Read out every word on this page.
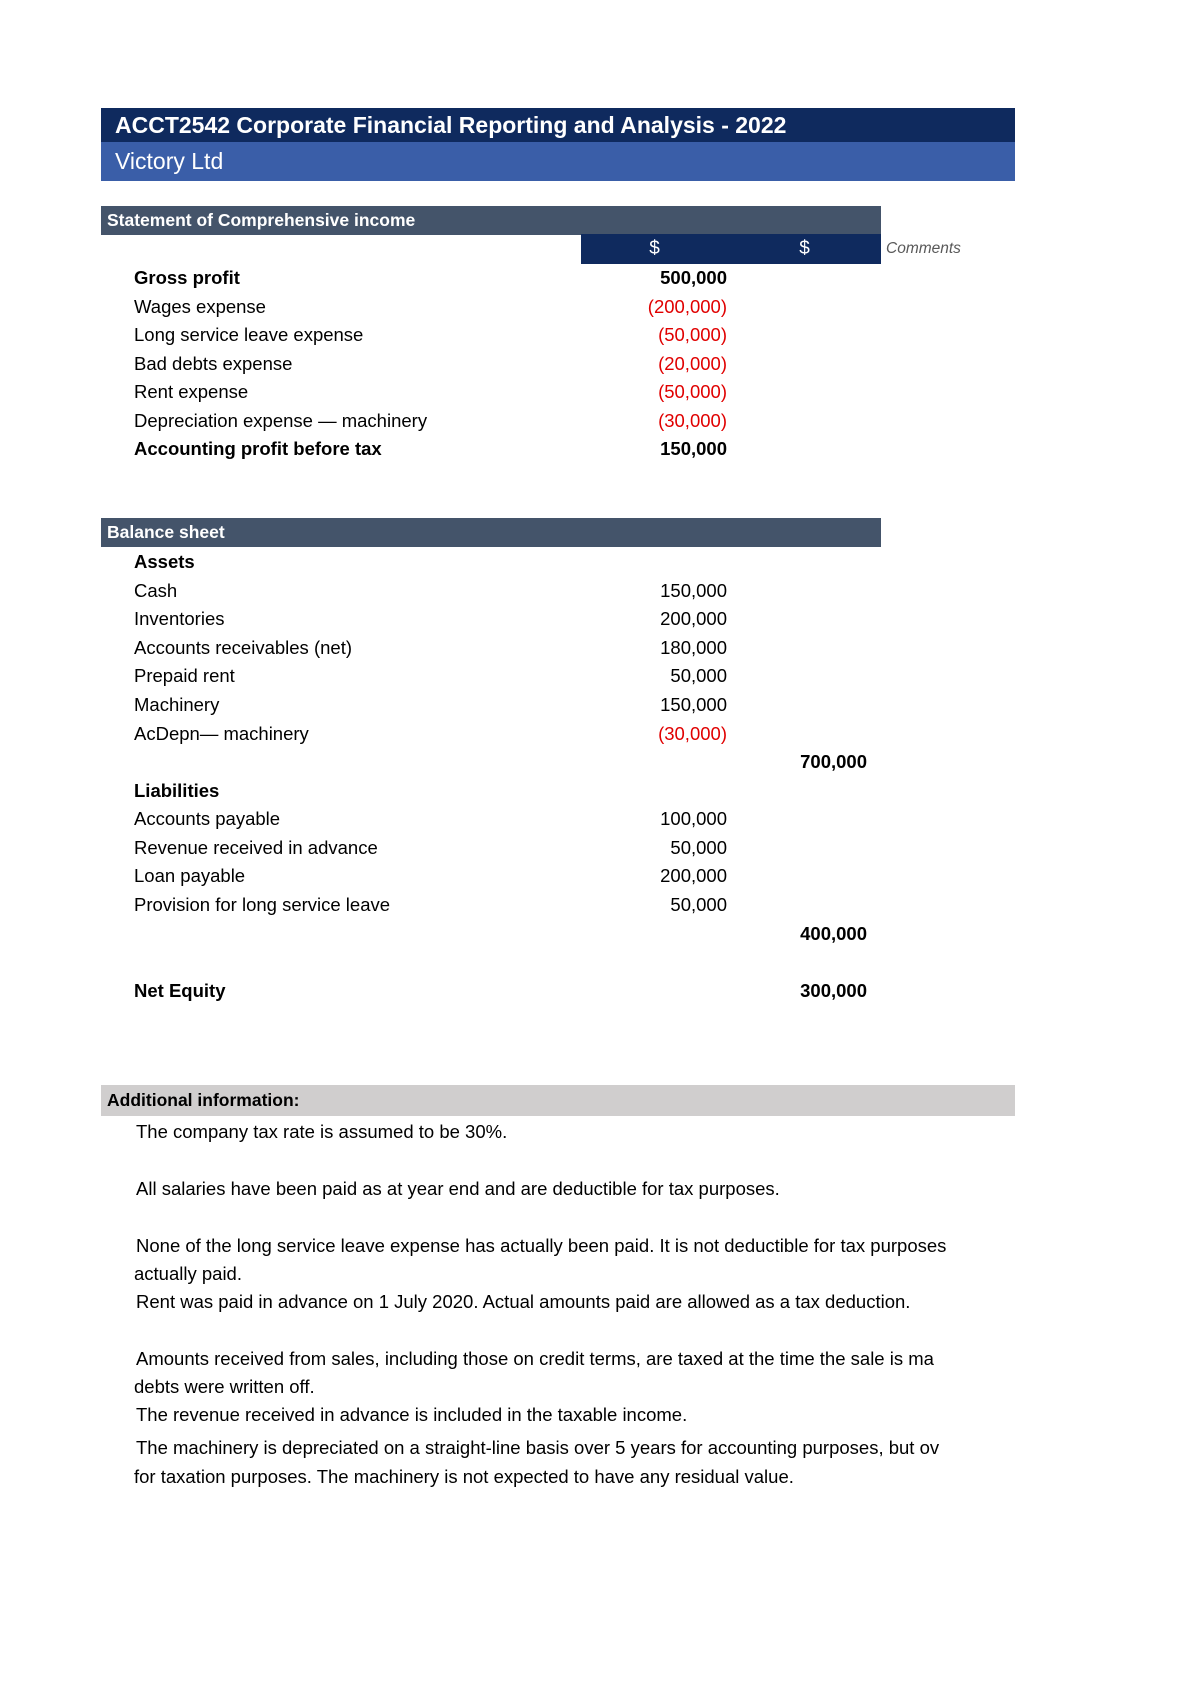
ACCT2542 Corporate Financial Reporting and Analysis - 2022
Victory Ltd
Statement of Comprehensive income
$	$	Comments
Gross profit	500,000
Wages expense	( 200,000 )
Long service leave expense	( 50,000 )
Bad debts expense	( 20,000 )
Rent expense	( 50,000 )
Depreciation expense — machinery	( 30,000 )
Accounting profit before tax	150,000
Balance sheet
Assets
Cash	150,000
Inventories	200,000
Accounts receivables (net)	180,000
Prepaid rent	50,000
Machinery	150,000
AcDepn— machinery	( 30,000 )
700,000
Liabilities
Accounts payable	100,000
Revenue received in advance	50,000
Loan payable	200,000
Provision for long service leave	50,000
400,000
Net Equity	300,000
Additional information:
The company tax rate is assumed to be 30%.
All salaries have been paid as at year end and are deductible for tax purposes.
None of the long service leave expense has actually been paid. It is not deductible for tax purposes
actually paid.
Rent was paid in advance on 1 July 2020. Actual amounts paid are allowed as a tax deduction.
Amounts received from sales, including those on credit terms, are taxed at the time the sale is ma
debts were written off.
The revenue received in advance is included in the taxable income.
The machinery is depreciated on a straight-line basis over 5 years for accounting purposes, but ov
for taxation purposes. The machinery is not expected to have any residual value.
